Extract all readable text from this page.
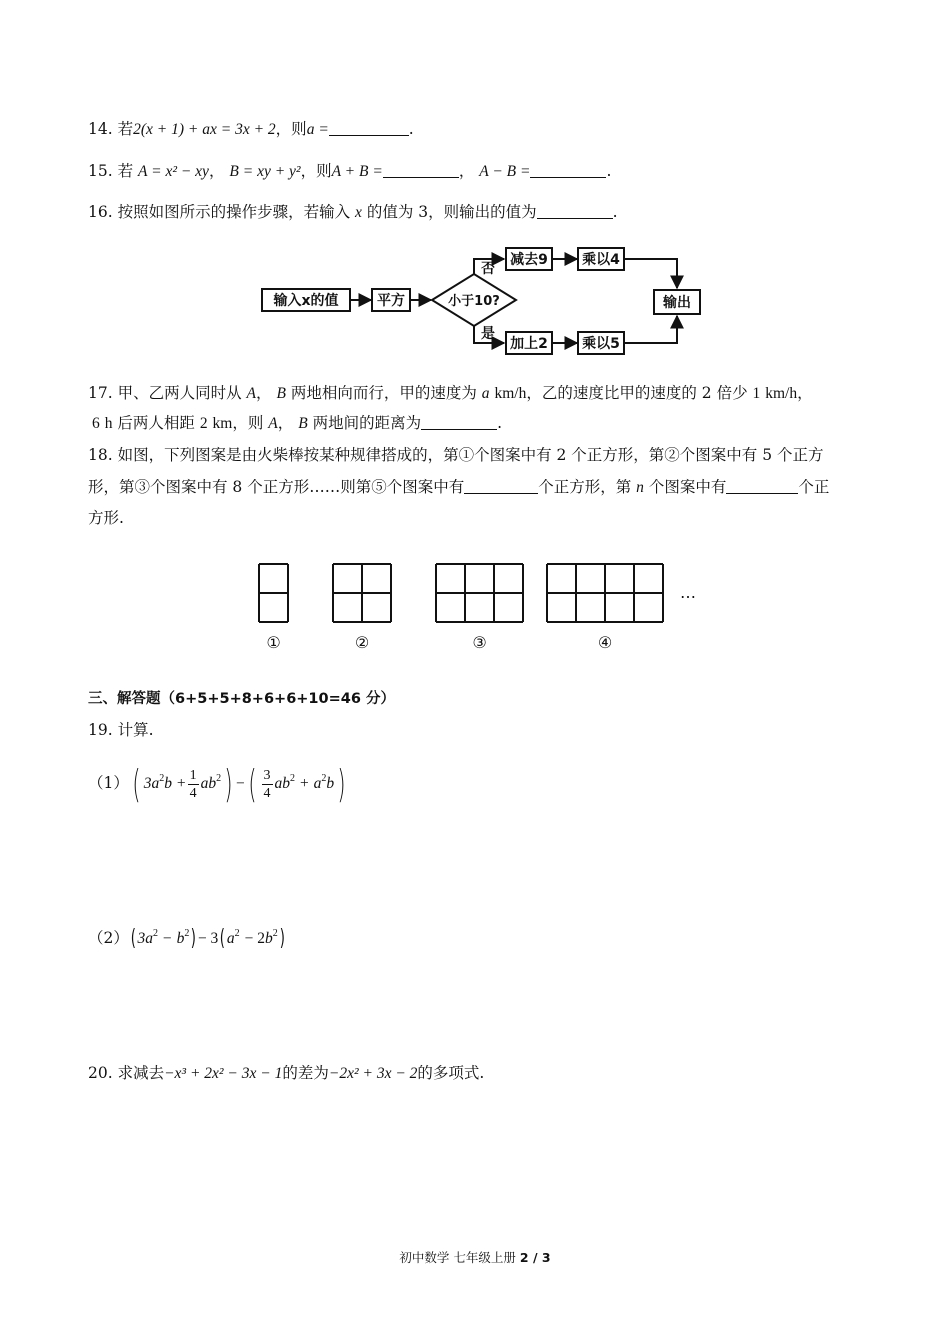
14. 若2(x + 1) + ax = 3x + 2，则a =	.
15. 若 A = x² − xy， B = xy + y²，则A + B =	， A − B =	.
16. 按照如图所示的操作步骤，若输入 x 的值为 3，则输出的值为	.
输入x的值	平方	小于10?
减去9 乘以4
加上2 乘以5
输出
否
是
17. 甲、乙两人同时从 A， B 两地相向而行，甲的速度为 a km/h，乙的速度比甲的速度的 2 倍少 1 km/h，
6 h 后两人相距 2 km，则 A， B 两地间的距离为	.
18. 如图，下列图案是由火柴棒按某种规律搭成的，第①个图案中有 2 个正方形，第②个图案中有 5 个正方
形，第③个图案中有 8 个正方形……则第⑤个图案中有	个正方形，第 n 个图案中有	个正
方形.
①	②	③	④
…
三、解答题（6+5+5+8+6+6+10=46 分）
19. 计算.
（1）( $3a^2b + \frac{1}{4} ab^2$) −( $\frac{3}{4} ab^2 + a^2b$)
（2）( $3a^2 - b^2) - 3$( $a^2 - 2b^2$)
20. 求减去−x³ + 2x² − 3x − 1的差为−2x² + 3x − 2的多项式.
初中数学 七年级上册 2 / 3
